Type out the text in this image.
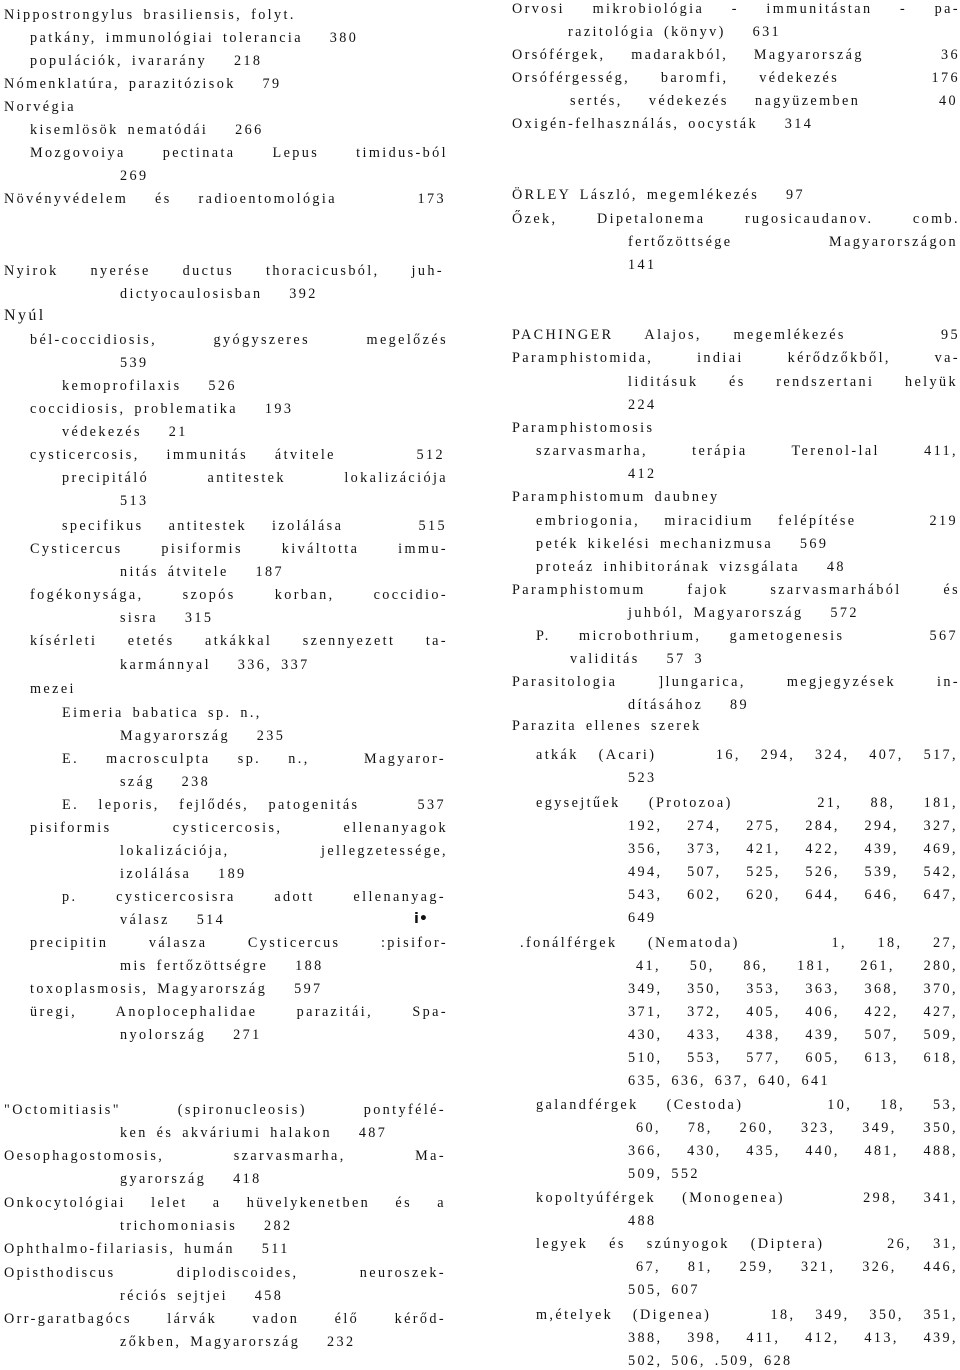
Nippostrongylus brasiliensis, folyt.
patkány, immunológiai tolerancia   380
populációk, ivararány   218
Nómenklatúra, parazitózisok   79
Norvégia
kisemlösök nematódái   266
Mozgovoiya pectinata Lepus timidus-ból
269
Növényvédelem és radioentomológia   173
Nyirok nyerése ductus thoracicusból, juh-
dictyocaulosisban   392
Nyúl
bél-coccidiosis, gyógyszeres megelőzés
539
kemoprofilaxis   526
coccidiosis, problematika   193
védekezés   21
cysticercosis, immunitás átvitele   512
precipitáló antitestek lokalizációja
513
specifikus antitestek izolálása   515
Cysticercus pisiformis kiváltotta immu-
nitás átvitele   187
fogékonysága, szopós korban, coccidio-
sisra   315
kísérleti etetés atkákkal szennyezett ta-
karmánnyal   336, 337
mezei
Eimeria babatica sp. n.,
Magyarország   235
E. macrosculpta sp. n.,  Magyaror-
szág   238
E. leporis, fejlődés, patogenitás   537
pisiformis cysticercosis, ellenanyagok
lokalizációja, jellegzetessége,
izolálása   189
p. cysticercosisra adott ellenanyag-
válasz   514	i•
precipitin válasza Cysticercus :pisifor-
mis fertőzöttségre   188
toxoplasmosis, Magyarország   597
üregi, Anoplocephalidae parazitái, Spa-
nyolország   271
"Octomitiasis" (spironucleosis) pontyfélé-
ken és akváriumi halakon   487
Oesophagostomosis, szarvasmarha, Ma-
gyarország   418
Onkocytológiai lelet a hüvelykenetben és a
trichomoniasis   282
Ophthalmo-filariasis, humán   511
Opisthodiscus diplodiscoides, neuroszek-
réciós sejtjei   458
Orr-garatbagócs lárvák vadon élő kérőd-
zőkben, Magyarország   232
Orvosi mikrobiológia - immunitástan - pa-
razitológia (könyv)   631
Orsóférgek, madarakból, Magyarország   36
Orsóférgesség, baromfi, védekezés   176
sertés, védekezés nagyüzemben   40
Oxigén-felhasználás, oocysták   314
ÖRLEY László, megemlékezés   97
Őzek, Dipetalonema rugosicaudanov. comb.
fertőzöttsége Magyarországon
141
PACHINGER Alajos, megemlékezés   95
Paramphistomida, indiai kérődzőkből, va-
liditásuk és rendszertani helyük
224
Paramphistomosis
szarvasmarha, terápia Terenol-lal 411,
412
Paramphistomum daubney
embriogonia, miracidium felépítése   219
peték kikelési mechanizmusa   569
proteáz inhibitorának vizsgálata   48
Paramphistomum fajok szarvasmarhából és
juhból, Magyarország   572
P. microbothrium, gametogenesis   567
validitás   57 3
Parasitologia ]lungarica, megjegyzések in-
dításához   89
Parazita ellenes szerek
atkák (Acari)   16, 294, 324, 407, 517,
523
egysejtűek (Protozoa)   21, 88, 181,
192, 274, 275, 284, 294, 327,
356, 373, 421, 422, 439, 469,
494, 507, 525, 526, 539, 542,
543, 602, 620, 644, 646, 647,
649
.fonálférgek (Nematoda)   1, 18, 27,
41, 50, 86, 181, 261, 280,
349, 350, 353, 363, 368, 370,
371, 372, 405, 406, 422, 427,
430, 433, 438, 439, 507, 509,
510, 553, 577, 605, 613, 618,
635, 636, 637, 640, 641
galandférgek (Cestoda)   10, 18, 53,
60, 78, 260, 323, 349, 350,
366, 430, 435, 440, 481, 488,
509, 552
kopoltyúférgek (Monogenea)   298, 341,
488
legyek és szúnyogok (Diptera)   26, 31,
67, 81, 259, 321, 326, 446,
505, 607
m,ételyek (Digenea)   18, 349, 350, 351,
388, 398, 411, 412, 413, 439,
502, 506, .509, 628
